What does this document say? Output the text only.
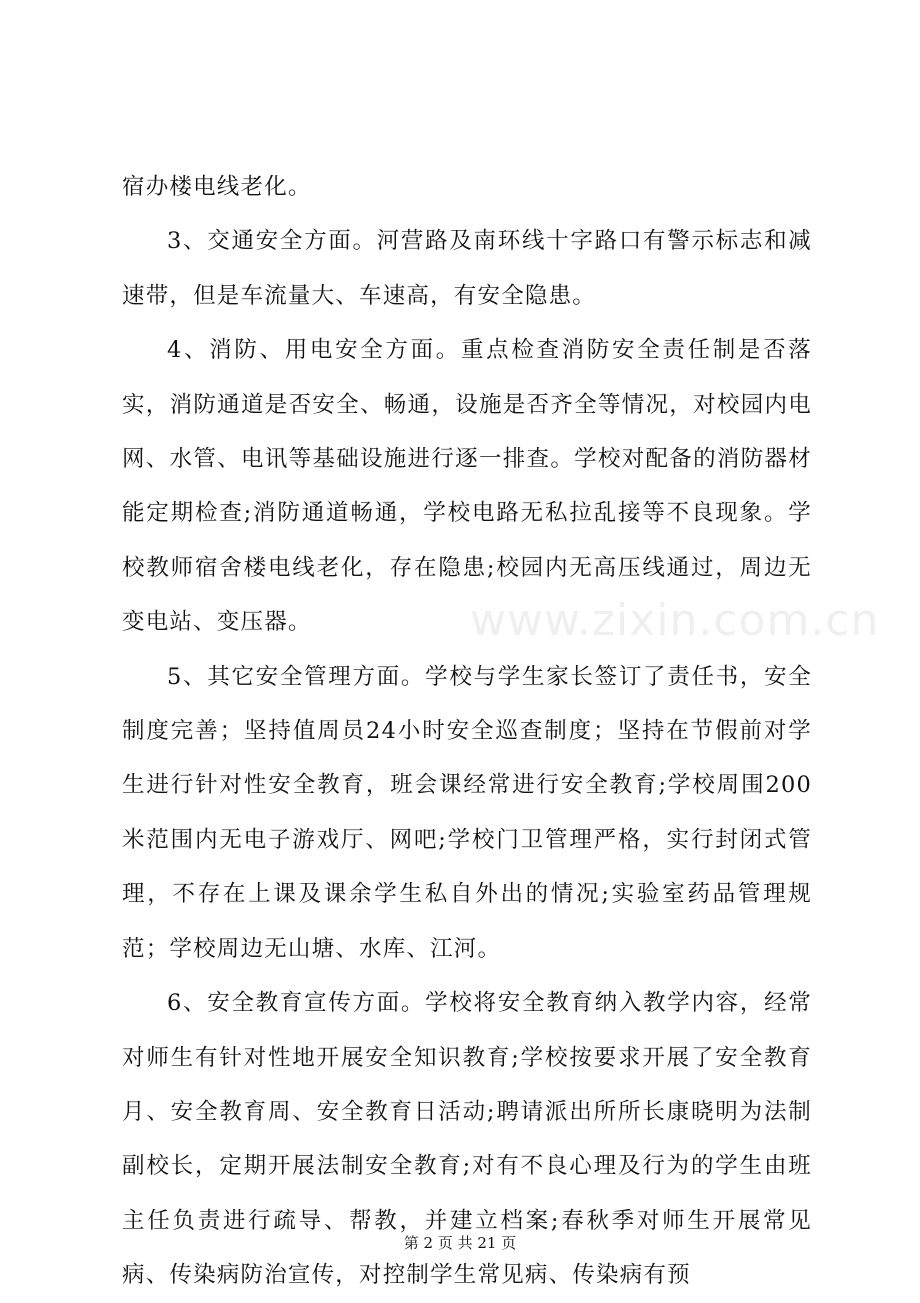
宿办楼电线老化。

3、交通安全方面。河营路及南环线十字路口有警示标志和减速带，但是车流量大、车速高，有安全隐患。

4、消防、用电安全方面。重点检查消防安全责任制是否落实，消防通道是否安全、畅通，设施是否齐全等情况，对校园内电网、水管、电讯等基础设施进行逐一排查。学校对配备的消防器材能定期检查;消防通道畅通，学校电路无私拉乱接等不良现象。学校教师宿舍楼电线老化，存在隐患;校园内无高压线通过，周边无变电站、变压器。

5、其它安全管理方面。学校与学生家长签订了责任书，安全制度完善；坚持值周员24小时安全巡查制度；坚持在节假前对学生进行针对性安全教育，班会课经常进行安全教育;学校周围200米范围内无电子游戏厅、网吧;学校门卫管理严格，实行封闭式管理，不存在上课及课余学生私自外出的情况;实验室药品管理规范；学校周边无山塘、水库、江河。

6、安全教育宣传方面。学校将安全教育纳入教学内容，经常对师生有针对性地开展安全知识教育;学校按要求开展了安全教育月、安全教育周、安全教育日活动;聘请派出所所长康晓明为法制副校长，定期开展法制安全教育;对有不良心理及行为的学生由班主任负责进行疏导、帮教，并建立档案;春秋季对师生开展常见病、传染病防治宣传，对控制学生常见病、传染病有预

www.zixin.com.cn
第 2 页 共 21 页
